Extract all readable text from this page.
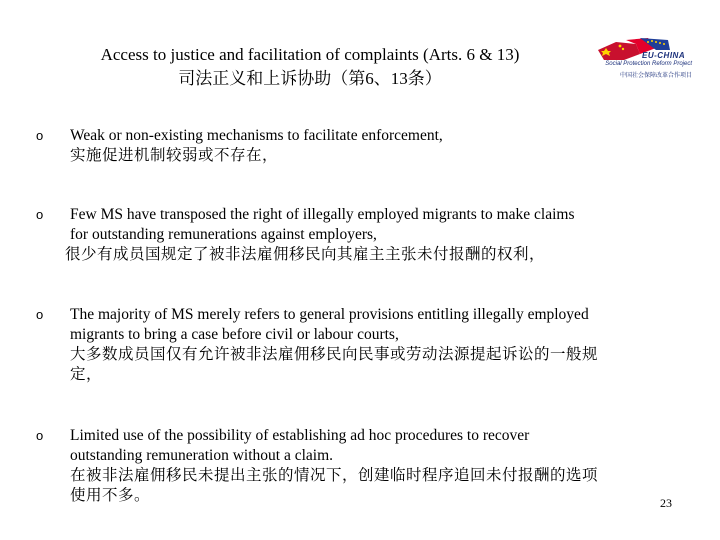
Access to justice and facilitation of complaints (Arts. 6 & 13)
司法正义和上诉协助（第6、13条）
EU-CHINA
Social Protection Reform Project
中国社会保障改革合作项目
o Weak or non-existing mechanisms to facilitate enforcement,
实施促进机制较弱或不存在，
o Few MS have transposed the right of illegally employed migrants to make claims
for outstanding remunerations against employers,
很少有成员国规定了被非法雇佣移民向其雇主主张未付报酬的权利，
o The majority of MS merely refers to general provisions entitling illegally employed
migrants to bring a case before civil or labour courts,
大多数成员国仅有允许被非法雇佣移民向民事或劳动法源提起诉讼的一般规
定，
o Limited use of the possibility of establishing ad hoc procedures to recover
outstanding remuneration without a claim.
在被非法雇佣移民未提出主张的情况下，创建临时程序追回未付报酬的选项
使用不多。	23
